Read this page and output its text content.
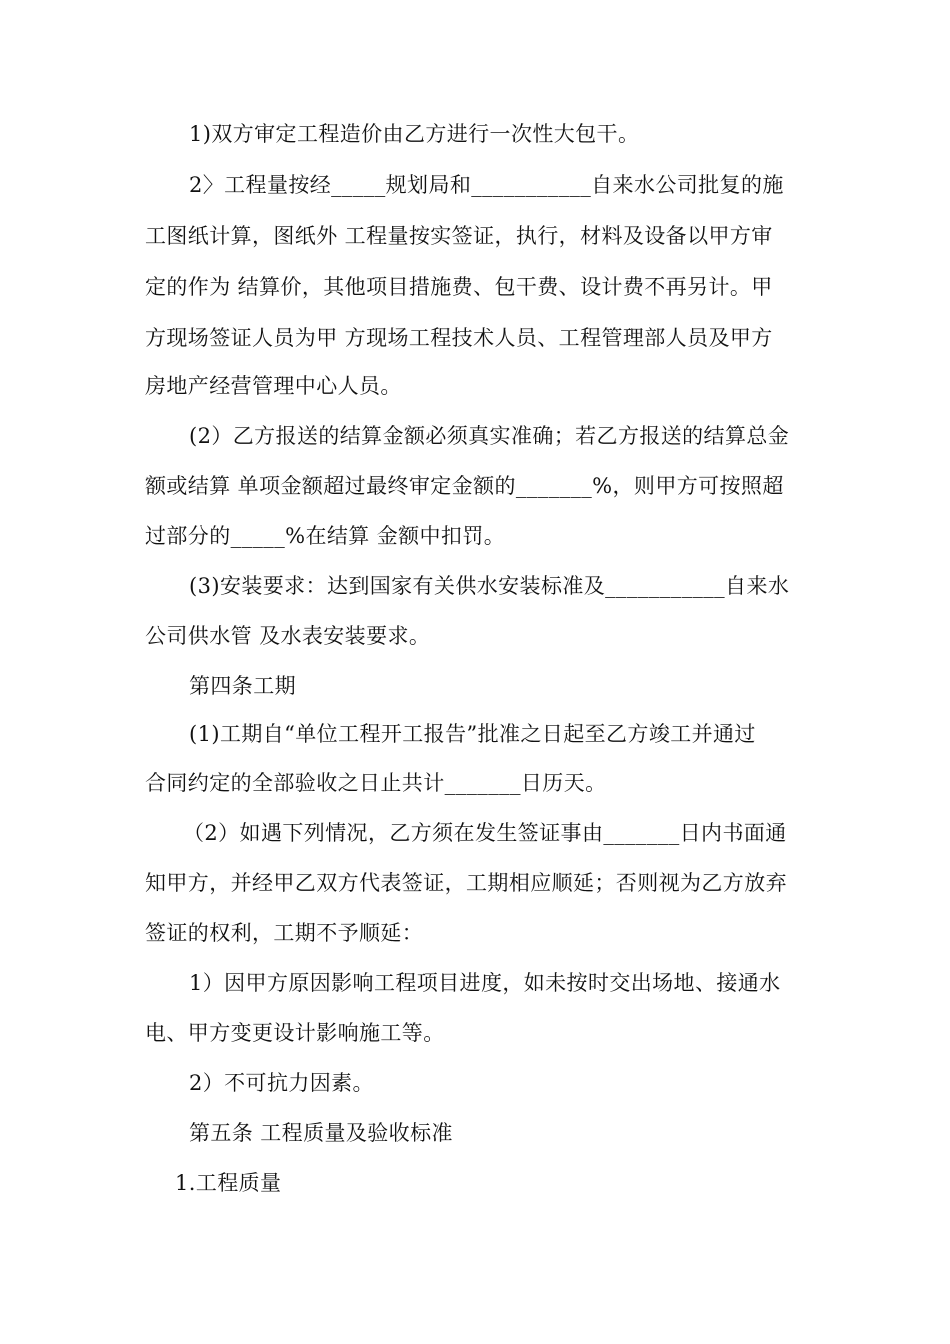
1)双方审定工程造价由乙方进行一次性大包干。
2〉工程量按经_____规划局和___________自来水公司批复的施
工图纸计算，图纸外 工程量按实签证，执行，材料及设备以甲方审
定的作为 结算价，其他项目措施费、包干费、设计费不再另计。甲
方现场签证人员为甲 方现场工程技术人员、工程管理部人员及甲方
房地产经营管理中心人员。
(2）乙方报送的结算金额必须真实准确；若乙方报送的结算总金
额或结算 单项金额超过最终审定金额的_______%，则甲方可按照超
过部分的_____%在结算 金额中扣罚。
(3)安装要求：达到国家有关供水安装标准及___________自来水
公司供水管 及水表安装要求。
第四条工期
(1)工期自“单位工程开工报告”批准之日起至乙方竣工并通过
合同约定的全部验收之日止共计_______日历天。
（2）如遇下列情况，乙方须在发生签证事由_______日内书面通
知甲方，并经甲乙双方代表签证，工期相应顺延；否则视为乙方放弃
签证的权利，工期不予顺延：
1）因甲方原因影响工程项目进度，如未按时交出场地、接通水
电、甲方变更设计影响施工等。
2）不可抗力因素。
第五条 工程质量及验收标准
1.工程质量
